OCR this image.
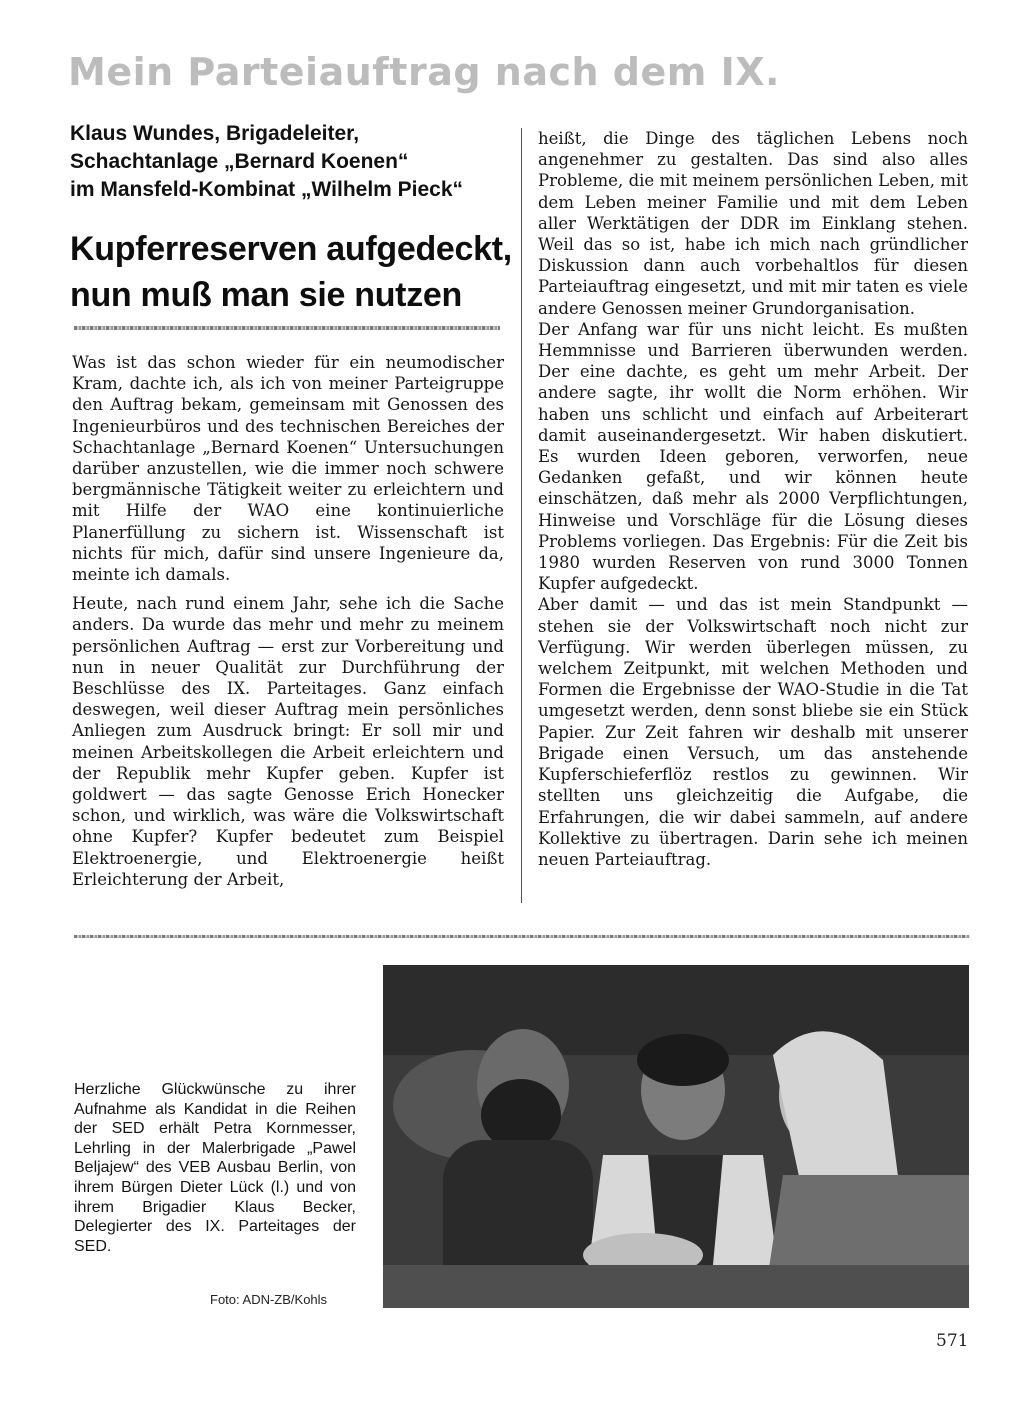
Mein Parteiauftrag nach dem IX.
Klaus Wundes, Brigadeleiter,
Schachtanlage „Bernard Koenen“
im Mansfeld-Kombinat „Wilhelm Pieck“
Kupferreserven aufgedeckt,
nun muß man sie nutzen

Was ist das schon wieder für ein neumodischer Kram, dachte ich, als ich von meiner Parteigruppe den Auftrag bekam, gemeinsam mit Genossen des Ingenieurbüros und des technischen Bereiches der Schachtanlage „Bernard Koenen“ Untersuchungen darüber anzustellen, wie die immer noch schwere bergmännische Tätigkeit weiter zu erleichtern und mit Hilfe der WAO eine kontinuierliche Planerfüllung zu sichern ist. Wissenschaft ist nichts für mich, dafür sind unsere Ingenieure da, meinte ich damals.

Heute, nach rund einem Jahr, sehe ich die Sache anders. Da wurde das mehr und mehr zu meinem persönlichen Auftrag — erst zur Vorbereitung und nun in neuer Qualität zur Durchführung der Beschlüsse des IX. Parteitages. Ganz einfach deswegen, weil dieser Auftrag mein persönliches Anliegen zum Ausdruck bringt: Er soll mir und meinen Arbeitskollegen die Arbeit erleichtern und der Republik mehr Kupfer geben. Kupfer ist goldwert — das sagte Genosse Erich Honecker schon, und wirklich, was wäre die Volkswirtschaft ohne Kupfer? Kupfer bedeutet zum Beispiel Elektroenergie, und Elektroenergie heißt Erleichterung der Arbeit,

heißt, die Dinge des täglichen Lebens noch angenehmer zu gestalten. Das sind also alles Probleme, die mit meinem persönlichen Leben, mit dem Leben meiner Familie und mit dem Leben aller Werktätigen der DDR im Einklang stehen. Weil das so ist, habe ich mich nach gründlicher Diskussion dann auch vorbehaltlos für diesen Parteiauftrag eingesetzt, und mit mir taten es viele andere Genossen meiner Grundorganisation.

Der Anfang war für uns nicht leicht. Es mußten Hemmnisse und Barrieren überwunden werden. Der eine dachte, es geht um mehr Arbeit. Der andere sagte, ihr wollt die Norm erhöhen. Wir haben uns schlicht und einfach auf Arbeiterart damit auseinandergesetzt. Wir haben diskutiert. Es wurden Ideen geboren, verworfen, neue Gedanken gefaßt, und wir können heute einschätzen, daß mehr als 2000 Verpflichtungen, Hinweise und Vorschläge für die Lösung dieses Problems vorliegen. Das Ergebnis: Für die Zeit bis 1980 wurden Reserven von rund 3000 Tonnen Kupfer aufgedeckt.

Aber damit — und das ist mein Standpunkt — stehen sie der Volkswirtschaft noch nicht zur Verfügung. Wir werden überlegen müssen, zu welchem Zeitpunkt, mit welchen Methoden und Formen die Ergebnisse der WAO-Studie in die Tat umgesetzt werden, denn sonst bliebe sie ein Stück Papier. Zur Zeit fahren wir deshalb mit unserer Brigade einen Versuch, um das anstehende Kupferschieferflöz restlos zu gewinnen. Wir stellten uns gleichzeitig die Aufgabe, die Erfahrungen, die wir dabei sammeln, auf andere Kollektive zu übertragen. Darin sehe ich meinen neuen Parteiauftrag.

Herzliche Glückwünsche zu ihrer Aufnahme als Kandidat in die Reihen der SED erhält Petra Kornmesser, Lehrling in der Malerbrigade „Pawel Beljajew“ des VEB Ausbau Berlin, von ihrem Bürgen Dieter Lück (l.) und von ihrem Brigadier Klaus Becker, Delegierter des IX. Parteitages der SED.
Foto: ADN-ZB/Kohls
571
